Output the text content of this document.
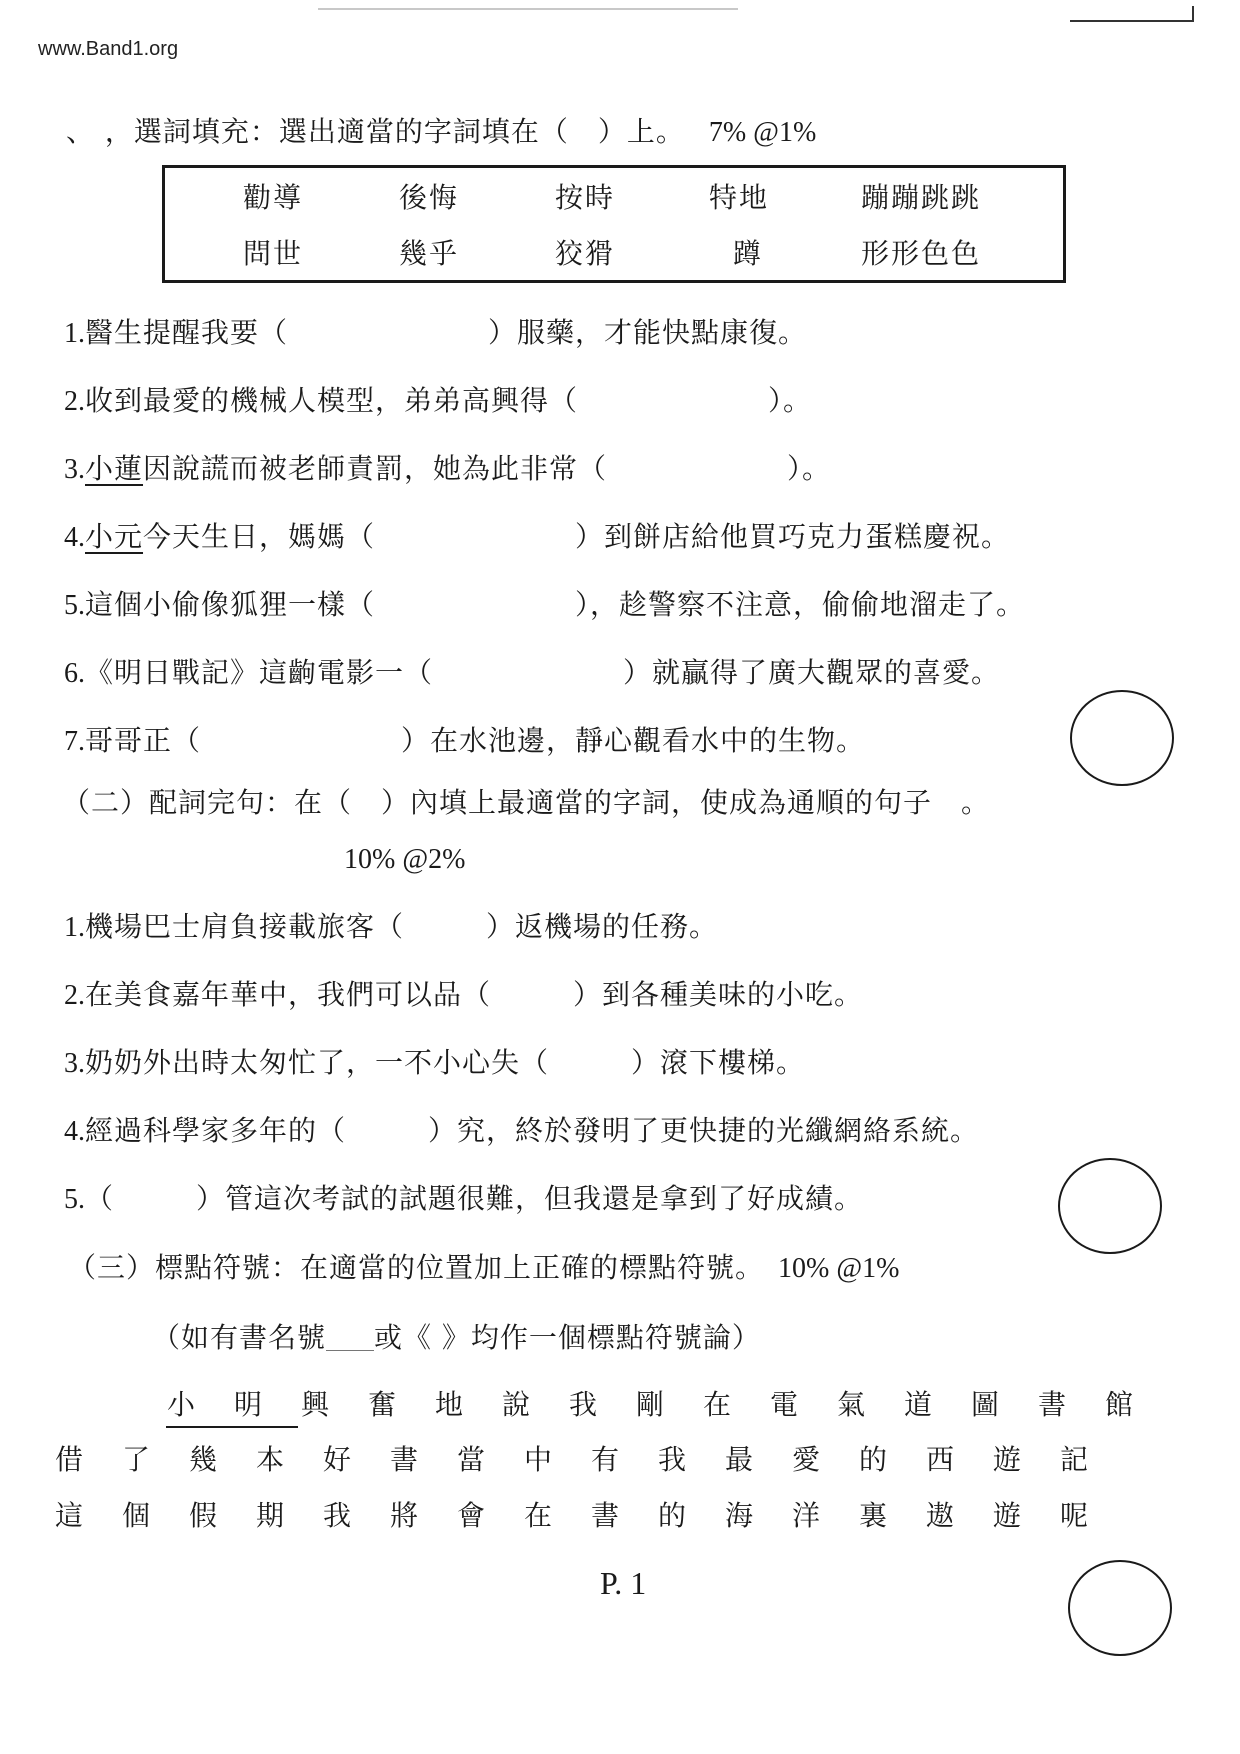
www.Band1.org
、 ，選詞填充：選出適當的字詞填在（　）上。 7% @1%
勸導	後悔	按時	特地	蹦蹦跳跳
問世	幾乎	狡猾	蹲	形形色色
1.醫生提醒我要（	）服藥，才能快點康復。
2.收到最愛的機械人模型，弟弟高興得（	）。
3.小蓮因說謊而被老師責罰，她為此非常（	）。
4.小元今天生日，媽媽（	）到餅店給他買巧克力蛋糕慶祝。
5.這個小偷像狐狸一樣（	），趁警察不注意，偷偷地溜走了。
6.《明日戰記》這齣電影一（	）就贏得了廣大觀眾的喜愛。
7.哥哥正（	）在水池邊，靜心觀看水中的生物。
（二）配詞完句：在（　）內填上最適當的字詞，使成為通順的句子　。
10% @2%
1.機場巴士肩負接載旅客（	）返機場的任務。
2.在美食嘉年華中，我們可以品（	）到各種美味的小吃。
3.奶奶外出時太匆忙了，一不小心失（	）滾下樓梯。
4.經過科學家多年的（	）究，終於發明了更快捷的光纖網絡系統。
5.（	）管這次考試的試題很難，但我還是拿到了好成績。
（三）標點符號：在適當的位置加上正確的標點符號。 10% @1%
（如有書名號______或《 》均作一個標點符號論）
小 明 興 奮 地 說 我 剛 在 電 氣 道 圖 書 館
借 了 幾 本 好 書 當 中 有 我 最 愛 的 西 遊 記
這 個 假 期 我 將 會 在 書 的 海 洋 裏 遨 遊 呢
P. 1
